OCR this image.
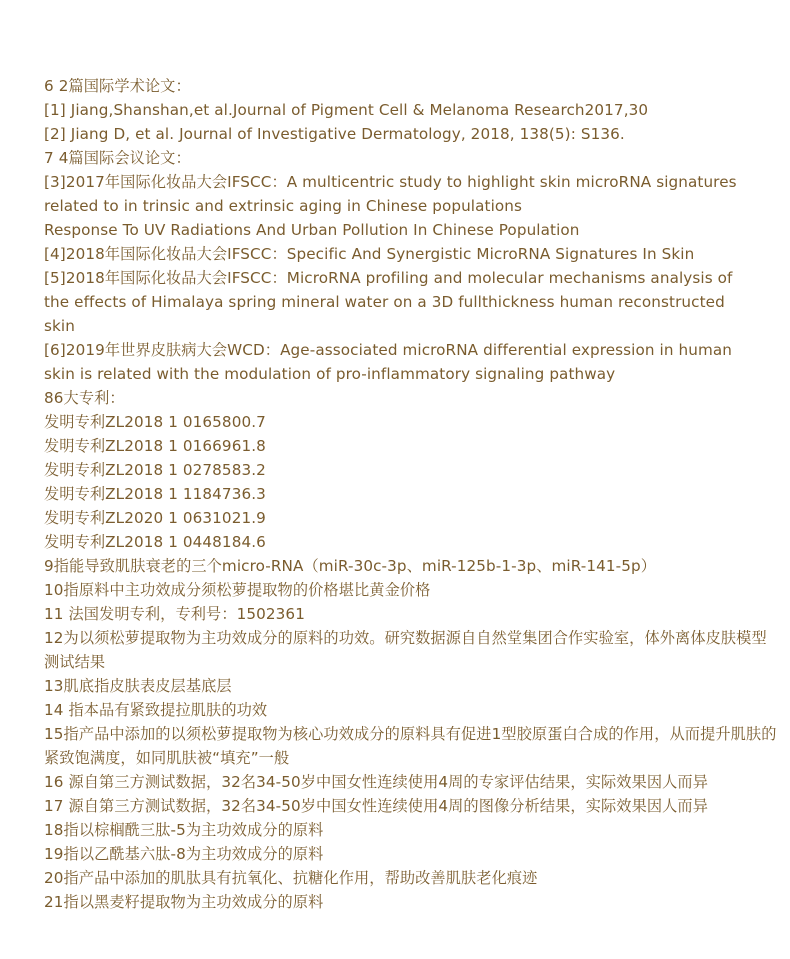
6 2篇国际学术论文：
[1] Jiang,Shanshan,et al.Journal of Pigment Cell & Melanoma Research2017,30
[2] Jiang D, et al. Journal of Investigative Dermatology, 2018, 138(5): S136.
7 4篇国际会议论文：
[3]2017年国际化妆品大会IFSCC：A multicentric study to highlight skin microRNA signatures
related to in trinsic and extrinsic aging in Chinese populations
Response To UV Radiations And Urban Pollution In Chinese Population
[4]2018年国际化妆品大会IFSCC：Specific And Synergistic MicroRNA Signatures In Skin
[5]2018年国际化妆品大会IFSCC：MicroRNA profiling and molecular mechanisms analysis of
the effects of Himalaya spring mineral water on a 3D fullthickness human reconstructed
skin
[6]2019年世界皮肤病大会WCD：Age-associated microRNA differential expression in human
skin is related with the modulation of pro-inflammatory signaling pathway
86大专利：
发明专利ZL2018 1 0165800.7
发明专利ZL2018 1 0166961.8
发明专利ZL2018 1 0278583.2
发明专利ZL2018 1 1184736.3
发明专利ZL2020 1 0631021.9
发明专利ZL2018 1 0448184.6
9指能导致肌肤衰老的三个micro-RNA（miR-30c-3p、miR-125b-1-3p、miR-141-5p）
10指原料中主功效成分须松萝提取物的价格堪比黄金价格
11 法国发明专利，专利号：1502361
12为以须松萝提取物为主功效成分的原料的功效。研究数据源自自然堂集团合作实验室，体外离体皮肤模型
测试结果
13肌底指皮肤表皮层基底层
14 指本品有紧致提拉肌肤的功效
15指产品中添加的以须松萝提取物为核心功效成分的原料具有促进1型胶原蛋白合成的作用，从而提升肌肤的
紧致饱满度，如同肌肤被“填充”一般
16 源自第三方测试数据，32名34-50岁中国女性连续使用4周的专家评估结果，实际效果因人而异
17 源自第三方测试数据，32名34-50岁中国女性连续使用4周的图像分析结果，实际效果因人而异
18指以棕榈酰三肽-5为主功效成分的原料
19指以乙酰基六肽-8为主功效成分的原料
20指产品中添加的肌肽具有抗氧化、抗糖化作用，帮助改善肌肤老化痕迹
21指以黑麦籽提取物为主功效成分的原料
